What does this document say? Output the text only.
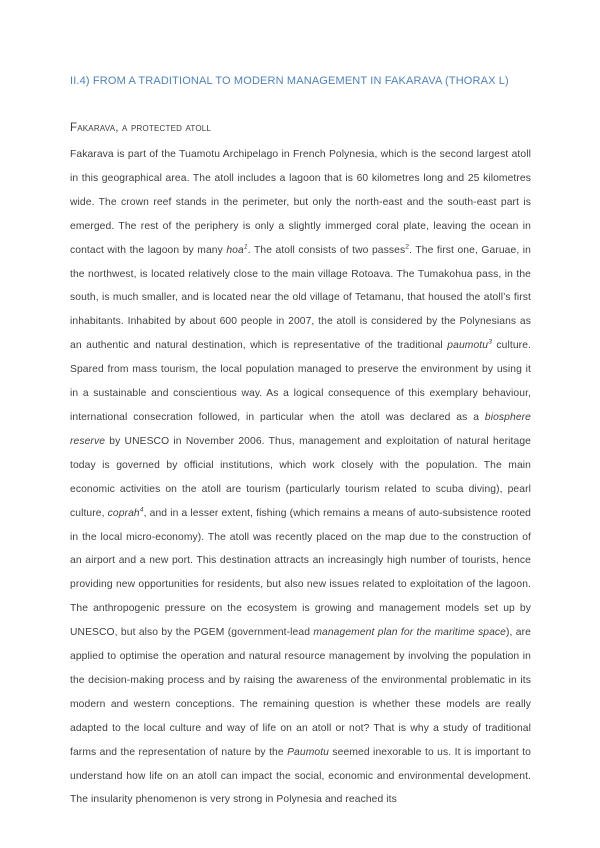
II.4) FROM A TRADITIONAL TO MODERN MANAGEMENT IN FAKARAVA (THORAX L)
Fakarava, a protected atoll

Fakarava is part of the Tuamotu Archipelago in French Polynesia, which is the second largest atoll in this geographical area. The atoll includes a lagoon that is 60 kilometres long and 25 kilometres wide. The crown reef stands in the perimeter, but only the north-east and the south-east part is emerged. The rest of the periphery is only a slightly immerged coral plate, leaving the ocean in contact with the lagoon by many hoa$^1$. The atoll consists of two passes$^2$. The first one, Garuae, in the northwest, is located relatively close to the main village Rotoava. The Tumakohua pass, in the south, is much smaller, and is located near the old village of Tetamanu, that housed the atoll’s first inhabitants. Inhabited by about 600 people in 2007, the atoll is considered by the Polynesians as an authentic and natural destination, which is representative of the traditional paumotu$^3$ culture. Spared from mass tourism, the local population managed to preserve the environment by using it in a sustainable and conscientious way. As a logical consequence of this exemplary behaviour, international consecration followed, in particular when the atoll was declared as a biosphere reserve by UNESCO in November 2006. Thus, management and exploitation of natural heritage today is governed by official institutions, which work closely with the population. The main economic activities on the atoll are tourism (particularly tourism related to scuba diving), pearl culture, coprah$^4$, and in a lesser extent, fishing (which remains a means of auto-subsistence rooted in the local micro-economy). The atoll was recently placed on the map due to the construction of an airport and a new port. This destination attracts an increasingly high number of tourists, hence providing new opportunities for residents, but also new issues related to exploitation of the lagoon. The anthropogenic pressure on the ecosystem is growing and management models set up by UNESCO, but also by the PGEM (government-lead management plan for the maritime space), are applied to optimise the operation and natural resource management by involving the population in the decision-making process and by raising the awareness of the environmental problematic in its modern and western conceptions. The remaining question is whether these models are really adapted to the local culture and way of life on an atoll or not? That is why a study of traditional farms and the representation of nature by the Paumotu seemed inexorable to us. It is important to understand how life on an atoll can impact the social, economic and environmental development. The insularity phenomenon is very strong in Polynesia and reached its
